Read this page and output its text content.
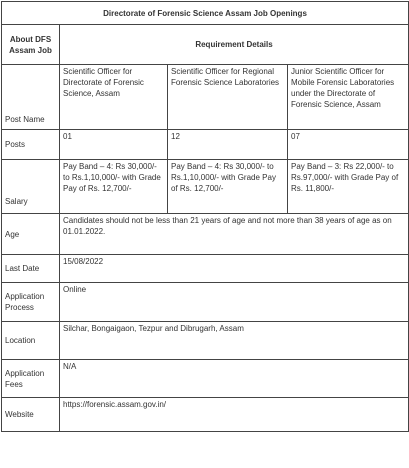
Directorate of Forensic Science Assam Job Openings			
About DFS Assam Job	Requirement Details		
Post Name	Scientific Officer for Directorate of Forensic Science, Assam	Scientific Officer for Regional Forensic Science Laboratories	Junior Scientific Officer for Mobile Forensic Laboratories under the Directorate of Forensic Science, Assam
Posts	01	12	07
Salary	Pay Band – 4: Rs 30,000/- to Rs.1,10,000/- with Grade Pay of Rs. 12,700/-	Pay Band – 4: Rs 30,000/- to Rs.1,10,000/- with Grade Pay of Rs. 12,700/-	Pay Band – 3: Rs 22,000/- to Rs.97,000/- with Grade Pay of Rs. 11,800/-
Age	Candidates should not be less than 21 years of age and not more than 38 years of age as on 01.01.2022.		
Last Date	15/08/2022		
Application Process	Online		
Location	Silchar, Bongaigaon, Tezpur and Dibrugarh, Assam		
Application Fees	N/A		
Website	https://forensic.assam.gov.in/		
